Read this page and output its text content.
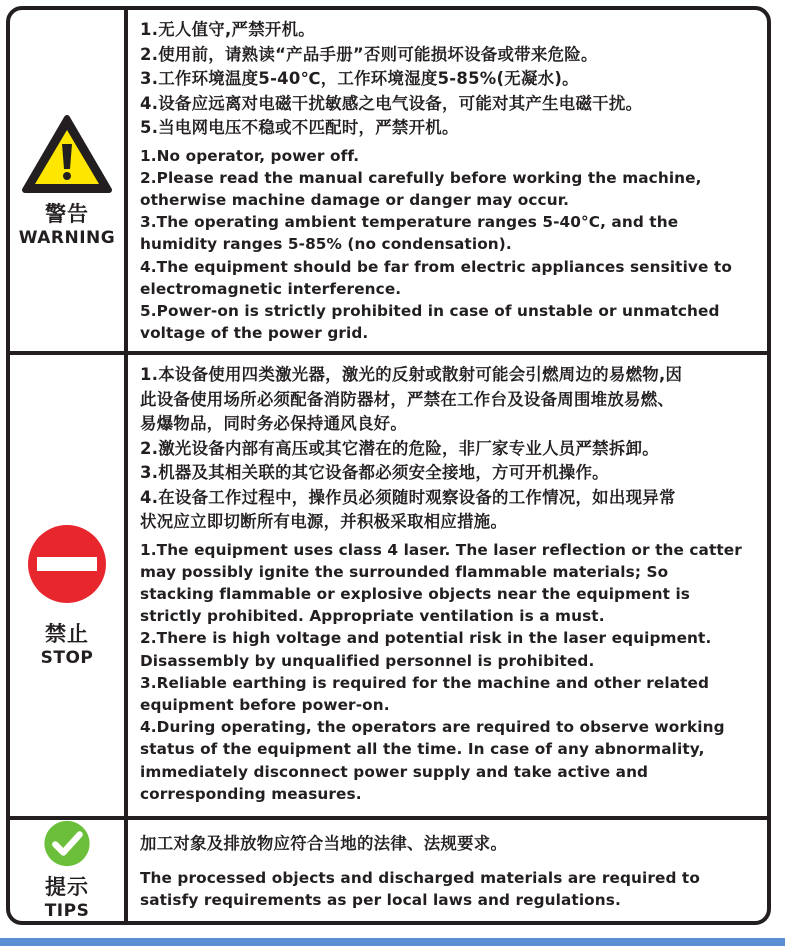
警告
WARNING
1.无人值守,严禁开机。
2.使用前，请熟读“产品手册”否则可能损坏设备或带来危险。
3.工作环境温度5-40℃，工作环境湿度5-85%(无凝水)。
4.设备应远离对电磁干扰敏感之电气设备，可能对其产生电磁干扰。
5.当电网电压不稳或不匹配时，严禁开机。
1.No operator, power off.
2.Please read the manual carefully before working the machine,
otherwise machine damage or danger may occur.
3.The operating ambient temperature ranges 5-40°C, and the
humidity ranges 5-85% (no condensation).
4.The equipment should be far from electric appliances sensitive to
electromagnetic interference.
5.Power-on is strictly prohibited in case of unstable or unmatched
voltage of the power grid.
禁止
STOP
1.本设备使用四类激光器，激光的反射或散射可能会引燃周边的易燃物,因
此设备使用场所必须配备消防器材，严禁在工作台及设备周围堆放易燃、
易爆物品，同时务必保持通风良好。
2.激光设备内部有高压或其它潜在的危险，非厂家专业人员严禁拆卸。
3.机器及其相关联的其它设备都必须安全接地，方可开机操作。
4.在设备工作过程中，操作员必须随时观察设备的工作情况，如出现异常
状况应立即切断所有电源，并积极采取相应措施。
1.The equipment uses class 4 laser. The laser reflection or the catter
may possibly ignite the surrounded flammable materials; So
stacking flammable or explosive objects near the equipment is
strictly prohibited. Appropriate ventilation is a must.
2.There is high voltage and potential risk in the laser equipment.
Disassembly by unqualified personnel is prohibited.
3.Reliable earthing is required for the machine and other related
equipment before power-on.
4.During operating, the operators are required to observe working
status of the equipment all the time. In case of any abnormality,
immediately disconnect power supply and take active and
corresponding measures.
提示
TIPS
加工对象及排放物应符合当地的法律、法规要求。
The processed objects and discharged materials are required to
satisfy requirements as per local laws and regulations.
